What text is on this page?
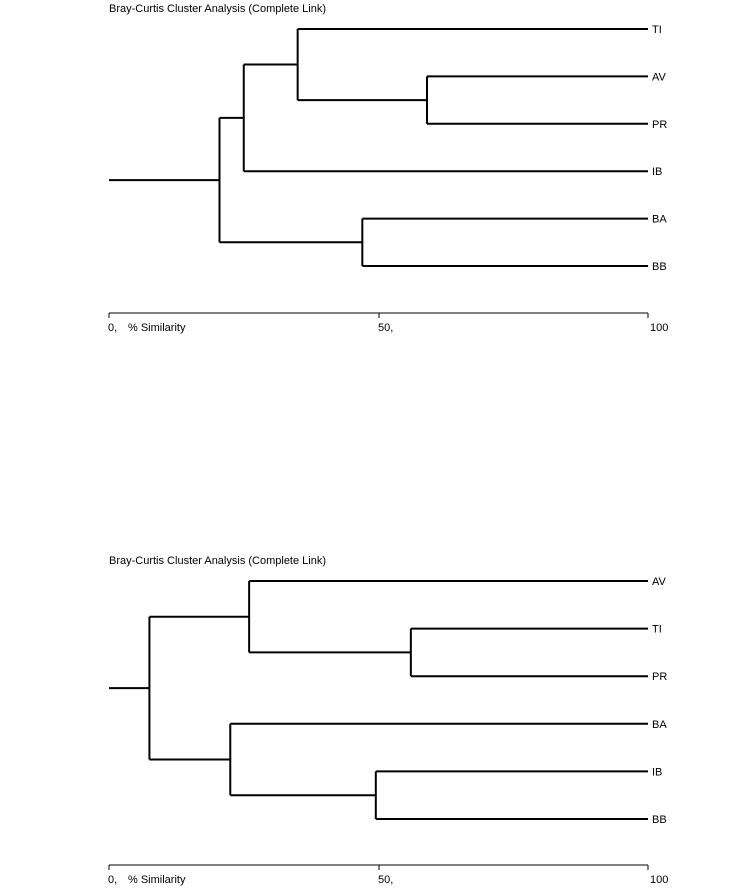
Bray-Curtis Cluster Analysis (Complete Link)
TI
AV
PR
IB
BA
BB
0, % Similarity	50,	100
Bray-Curtis Cluster Analysis (Complete Link)
AV
TI
PR
BA
IB
BB
0, % Similarity	50,	100
